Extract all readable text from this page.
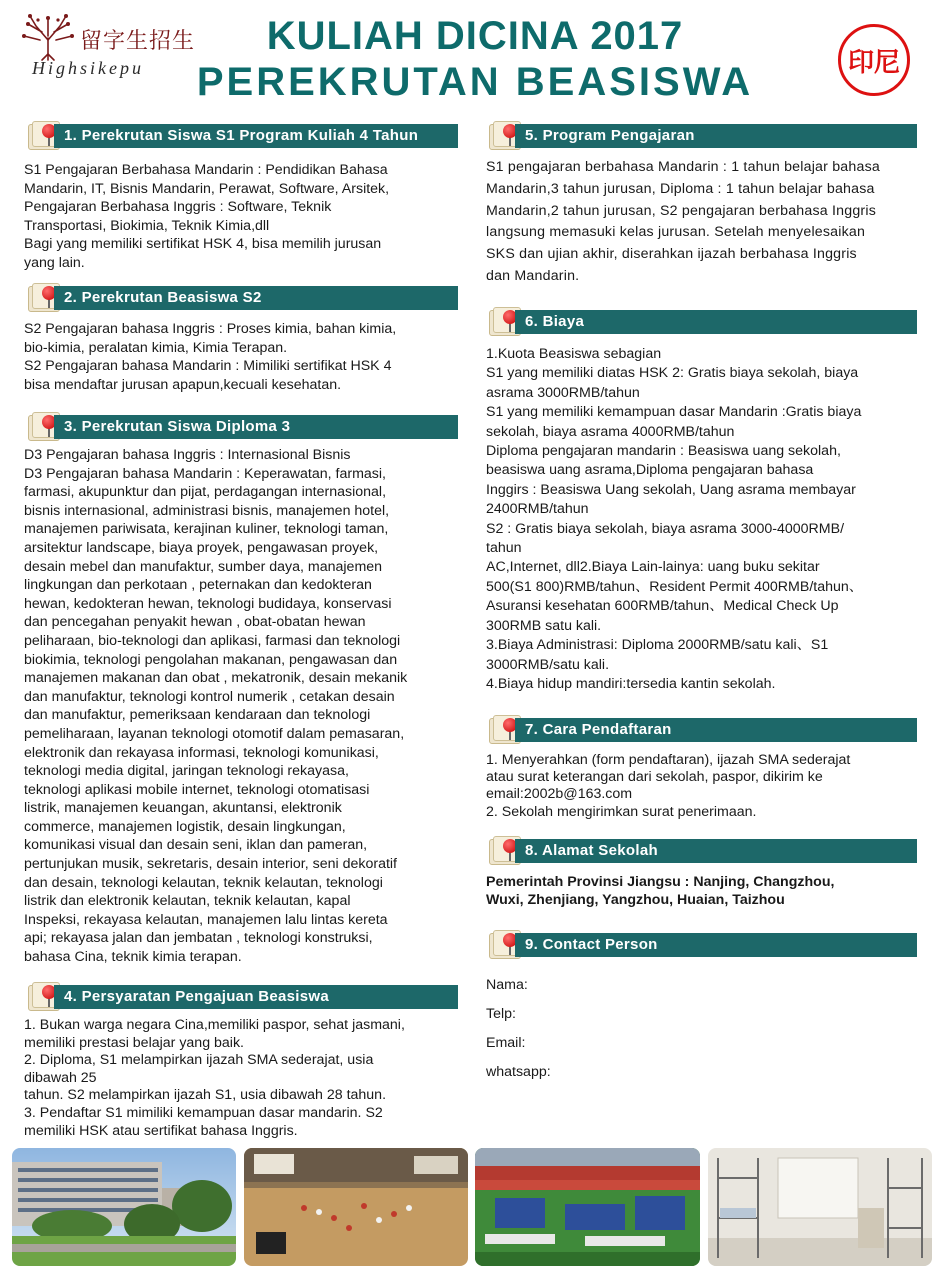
留字生招生
Highsikepu
KULIAH DICINA 2017
PEREKRUTAN BEASISWA	印尼
1. Perekrutan Siswa S1 Program Kuliah 4 Tahun
S1 Pengajaran Berbahasa Mandarin : Pendidikan Bahasa
Mandarin, IT, Bisnis Mandarin, Perawat, Software, Arsitek,
Pengajaran Berbahasa Inggris : Software, Teknik
Transportasi, Biokimia, Teknik Kimia,dll
Bagi yang memiliki sertifikat HSK 4, bisa memilih jurusan
yang lain.
2. Perekrutan Beasiswa S2
S2 Pengajaran bahasa Inggris : Proses kimia, bahan kimia,
bio-kimia, peralatan kimia, Kimia Terapan.
S2 Pengajaran bahasa Mandarin : Mimiliki sertifikat HSK 4
bisa mendaftar jurusan apapun,kecuali kesehatan.
3. Perekrutan Siswa Diploma 3
D3 Pengajaran bahasa Inggris : Internasional Bisnis
D3 Pengajaran bahasa Mandarin : Keperawatan, farmasi,
farmasi, akupunktur dan pijat, perdagangan internasional,
bisnis internasional, administrasi bisnis, manajemen hotel,
manajemen pariwisata, kerajinan kuliner, teknologi taman,
arsitektur landscape, biaya proyek, pengawasan proyek,
desain mebel dan manufaktur, sumber daya, manajemen
lingkungan dan perkotaan , peternakan dan kedokteran
hewan, kedokteran hewan, teknologi budidaya, konservasi
dan pencegahan penyakit hewan , obat-obatan hewan
peliharaan, bio-teknologi dan aplikasi, farmasi dan teknologi
biokimia, teknologi pengolahan makanan, pengawasan dan
manajemen makanan dan obat , mekatronik, desain mekanik
dan manufaktur, teknologi kontrol numerik , cetakan desain
dan manufaktur, pemeriksaan kendaraan dan teknologi
pemeliharaan, layanan teknologi otomotif dalam pemasaran,
elektronik dan rekayasa informasi, teknologi komunikasi,
teknologi media digital, jaringan teknologi rekayasa,
teknologi aplikasi mobile internet, teknologi otomatisasi
listrik, manajemen keuangan, akuntansi, elektronik
commerce, manajemen logistik, desain lingkungan,
komunikasi visual dan desain seni, iklan dan pameran,
pertunjukan musik, sekretaris, desain interior, seni dekoratif
dan desain, teknologi kelautan, teknik kelautan, teknologi
listrik dan elektronik kelautan, teknik kelautan, kapal
Inspeksi, rekayasa kelautan, manajemen lalu lintas kereta
api; rekayasa jalan dan jembatan , teknologi konstruksi,
bahasa Cina, teknik kimia terapan.
4. Persyaratan Pengajuan Beasiswa
1. Bukan warga negara Cina,memiliki paspor, sehat jasmani,
memiliki prestasi belajar yang baik.
2. Diploma, S1 melampirkan ijazah SMA sederajat, usia
dibawah 25
tahun. S2 melampirkan ijazah S1, usia dibawah 28 tahun.
3. Pendaftar S1 mimiliki kemampuan dasar mandarin. S2
memiliki HSK atau sertifikat bahasa Inggris.
5. Program Pengajaran
S1 pengajaran berbahasa Mandarin : 1 tahun belajar bahasa
Mandarin,3 tahun jurusan, Diploma : 1 tahun belajar bahasa
Mandarin,2 tahun jurusan, S2 pengajaran berbahasa Inggris
langsung memasuki kelas jurusan. Setelah menyelesaikan
SKS dan ujian akhir, diserahkan ijazah berbahasa Inggris
dan Mandarin.
6. Biaya
1.Kuota Beasiswa sebagian
S1 yang memiliki diatas HSK 2: Gratis biaya sekolah, biaya
asrama 3000RMB/tahun
S1 yang memiliki kemampuan dasar Mandarin :Gratis biaya
sekolah, biaya asrama 4000RMB/tahun
Diploma pengajaran mandarin : Beasiswa uang sekolah,
beasiswa uang asrama,Diploma pengajaran bahasa
Inggirs : Beasiswa Uang sekolah, Uang asrama membayar
2400RMB/tahun
S2 : Gratis biaya sekolah, biaya asrama 3000-4000RMB/
tahun
AC,Internet, dll2.Biaya Lain-lainya: uang buku sekitar
500(S1 800)RMB/tahun、Resident Permit 400RMB/tahun、
Asuransi kesehatan 600RMB/tahun、Medical Check Up
300RMB satu kali.
3.Biaya Administrasi: Diploma 2000RMB/satu kali、S1
3000RMB/satu kali.
4.Biaya hidup mandiri:tersedia kantin sekolah.
7. Cara Pendaftaran
1. Menyerahkan (form pendaftaran), ijazah SMA sederajat
atau surat keterangan dari sekolah, paspor, dikirim ke
email:2002b@163.com
2. Sekolah mengirimkan surat penerimaan.
8. Alamat Sekolah
Pemerintah Provinsi Jiangsu : Nanjing, Changzhou,
Wuxi, Zhenjiang, Yangzhou, Huaian, Taizhou
9. Contact Person
Nama:
Telp:
Email:
whatsapp:
